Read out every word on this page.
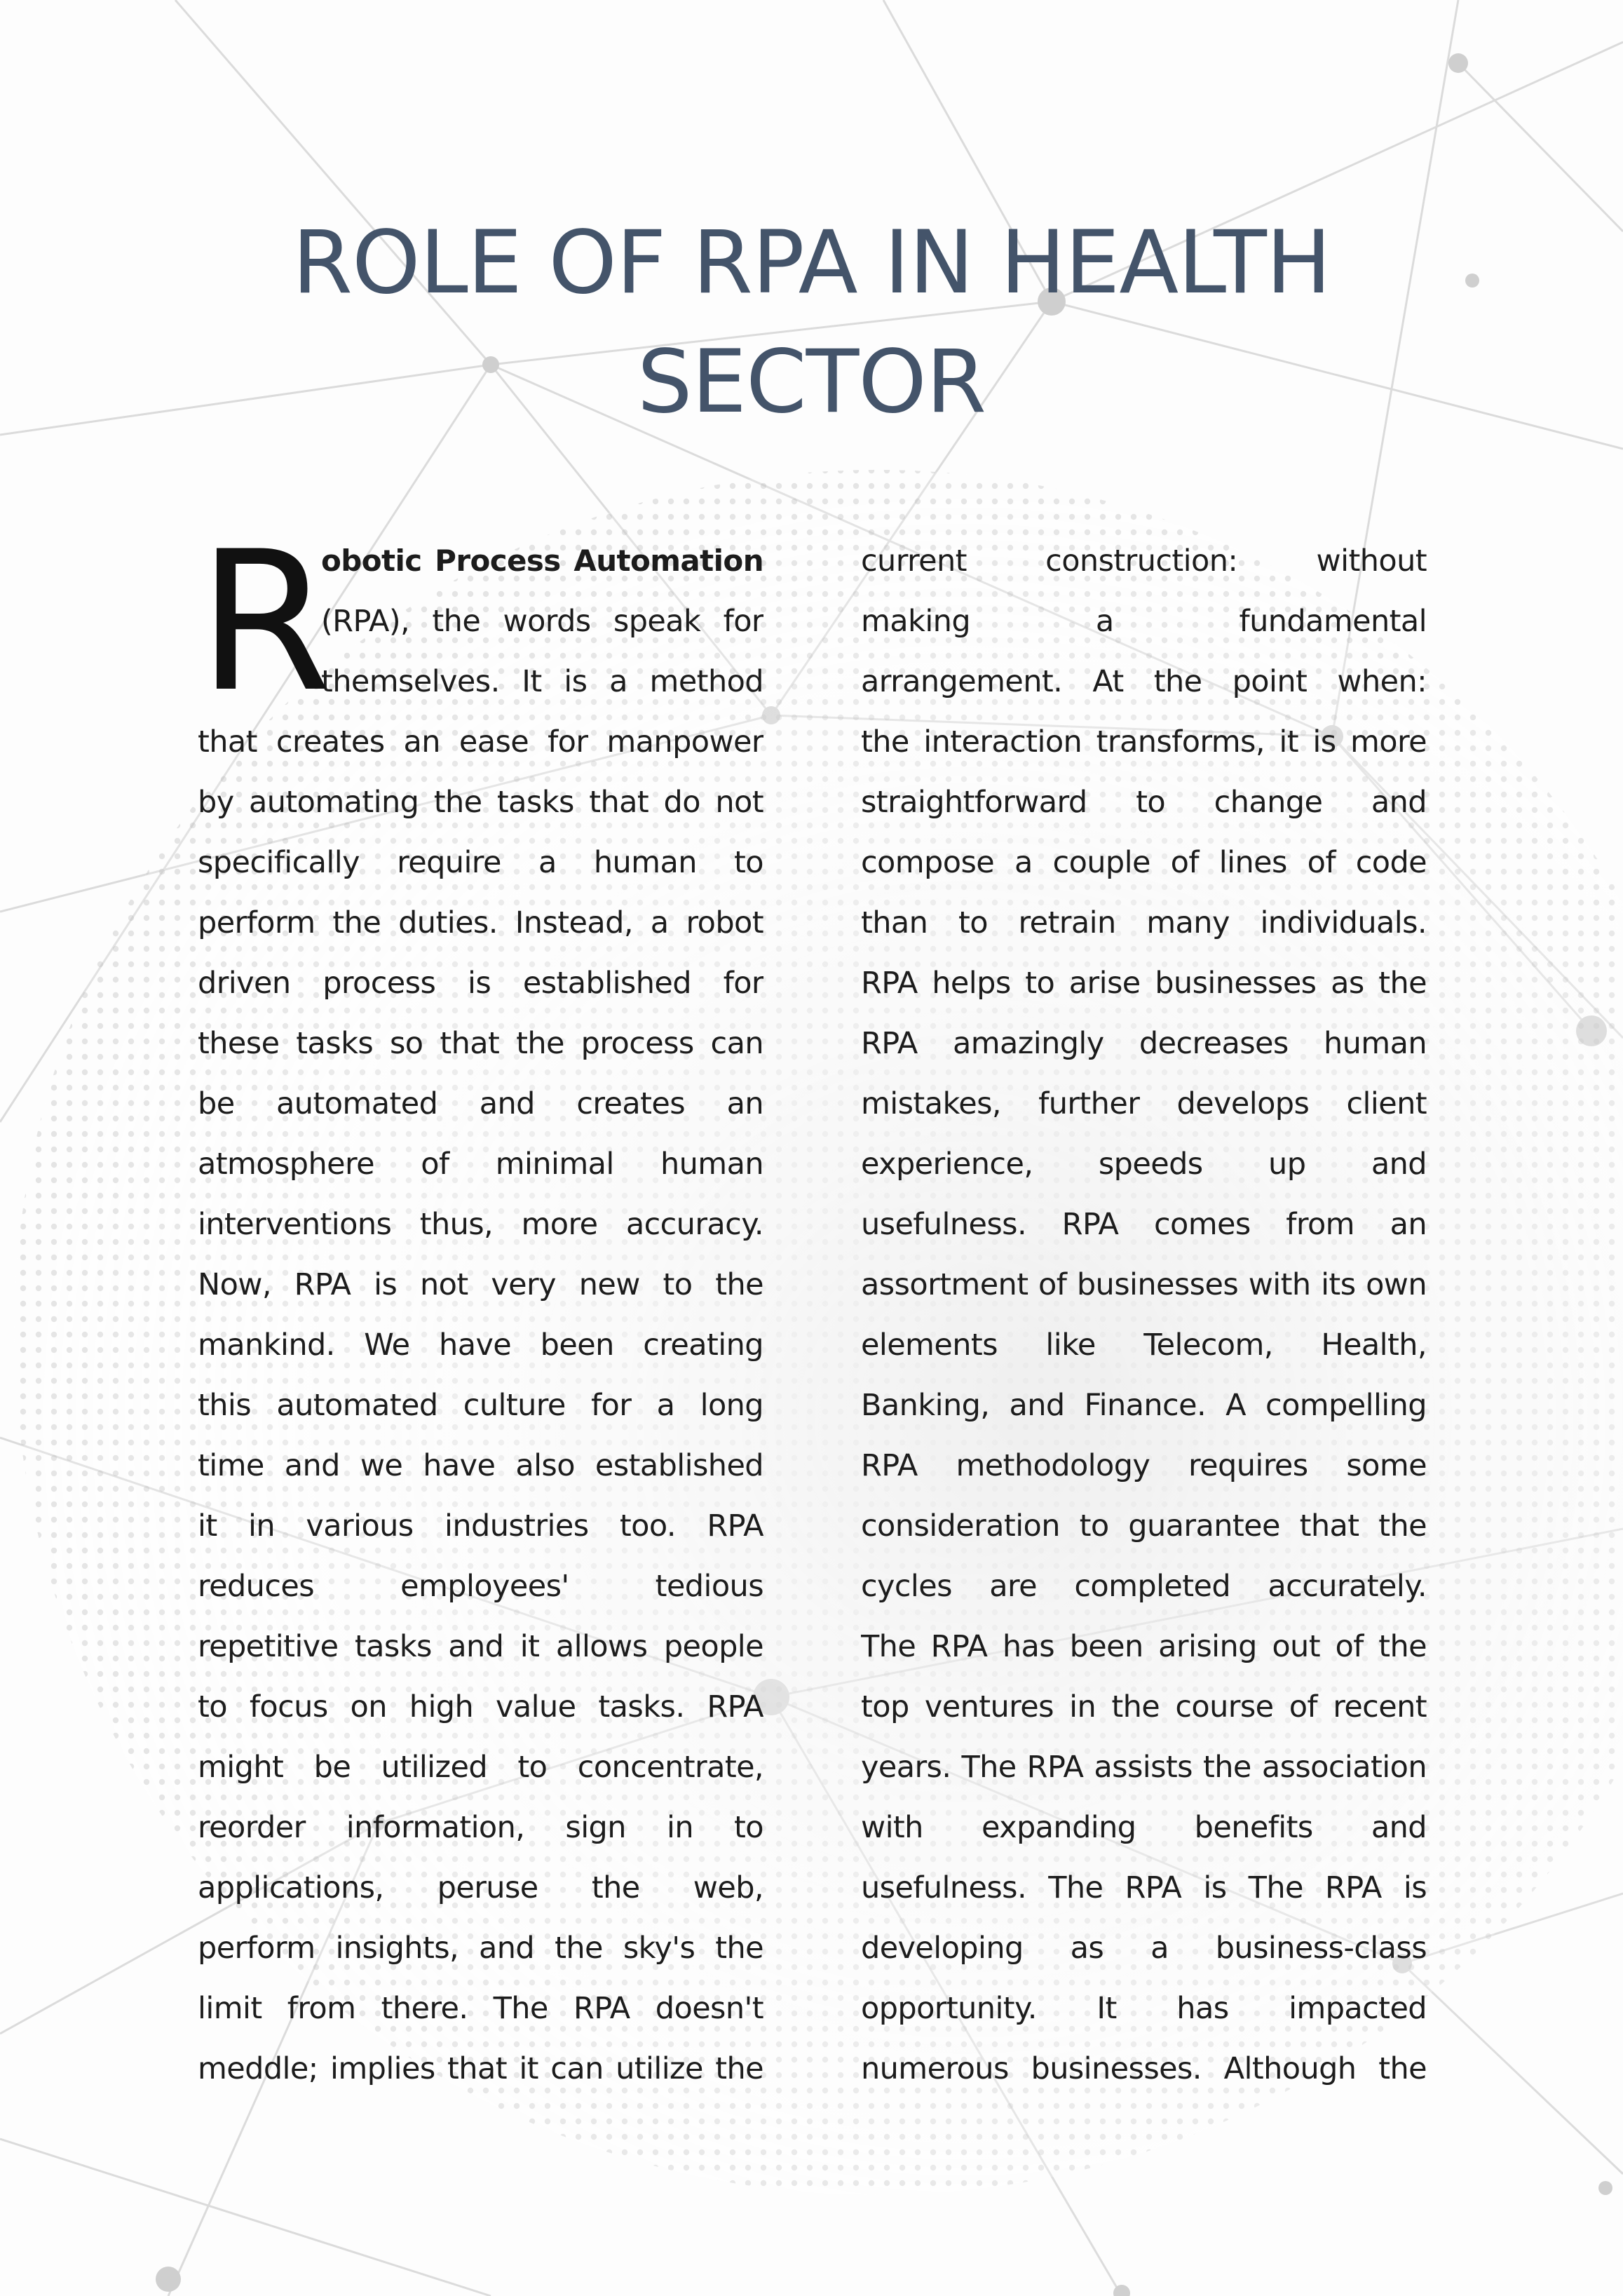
ROLE OF RPA IN HEALTH
SECTOR
R
obotic Process Automation
(RPA), the words speak for
themselves. It is a method
that creates an ease for manpower
by automating the tasks that do not
specifically require a human to
perform the duties. Instead, a robot
driven process is established for
these tasks so that the process can
be automated and creates an
atmosphere of minimal human
interventions thus, more accuracy.
Now, RPA is not very new to the
mankind. We have been creating
this automated culture for a long
time and we have also established
it in various industries too. RPA
reduces employees' tedious
repetitive tasks and it allows people
to focus on high value tasks. RPA
might be utilized to concentrate,
reorder information, sign in to
applications, peruse the web,
perform insights, and the sky's the
limit from there. The RPA doesn't
meddle; implies that it can utilize the
current construction: without
making a fundamental
arrangement. At the point when:
the interaction transforms, it is more
straightforward to change and
compose a couple of lines of code
than to retrain many individuals.
RPA helps to arise businesses as the
RPA amazingly decreases human
mistakes, further develops client
experience, speeds up and
usefulness. RPA comes from an
assortment of businesses with its own
elements like Telecom, Health,
Banking, and Finance. A compelling
RPA methodology requires some
consideration to guarantee that the
cycles are completed accurately.
The RPA has been arising out of the
top ventures in the course of recent
years. The RPA assists the association
with expanding benefits and
usefulness. The RPA is The RPA is
developing as a business-class
opportunity. It has impacted
numerous businesses. Although the
